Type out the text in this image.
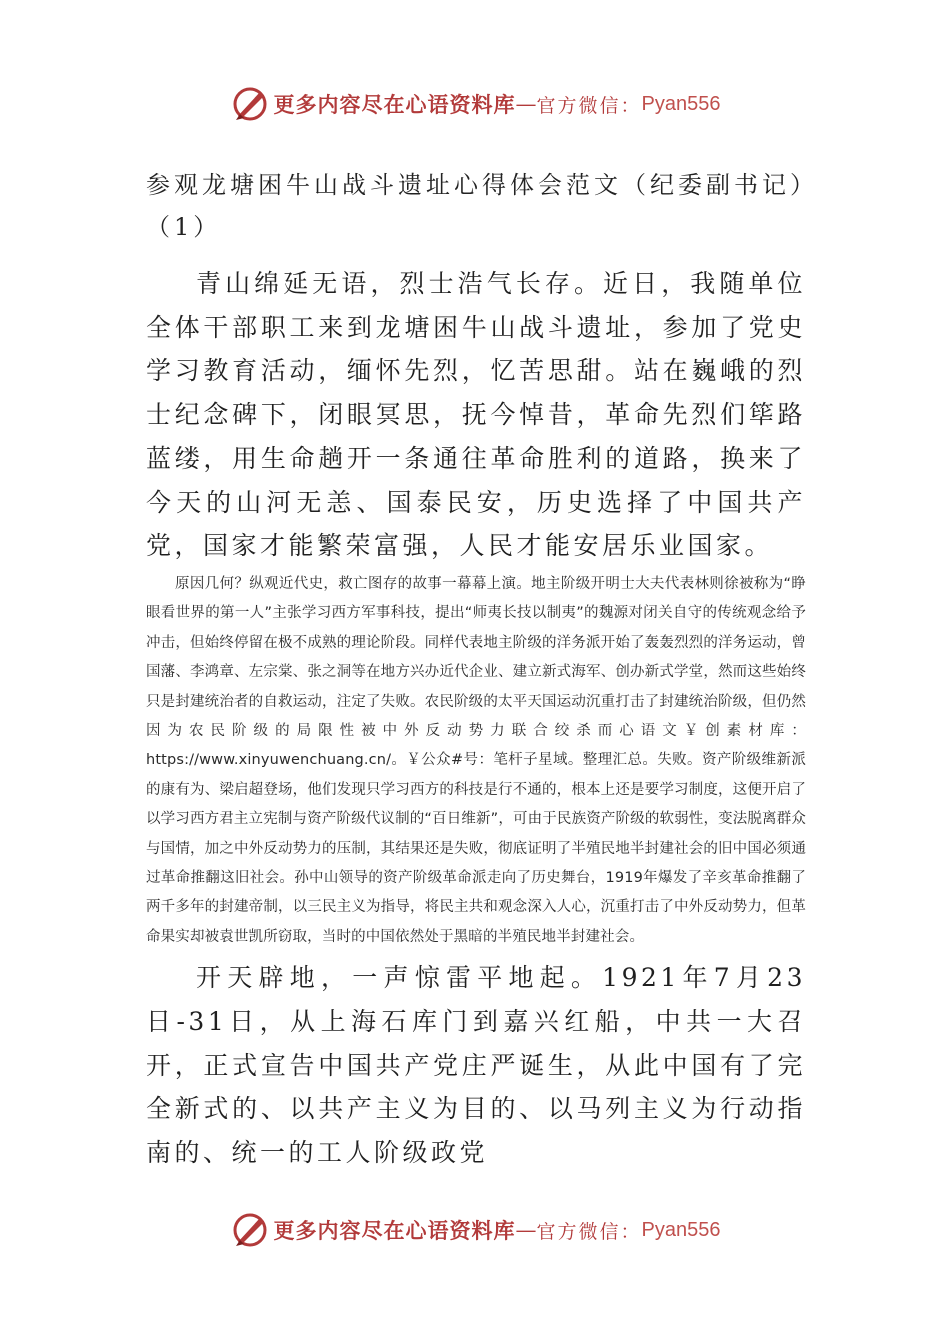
更多内容尽在心语资料库 — 官方微信： Pyan556
参观龙塘困牛山战斗遗址心得体会范文（纪委副书记）（1）

青山绵延无语，烈士浩气长存。近日，我随单位全体干部职工来到龙塘困牛山战斗遗址，参加了党史学习教育活动，缅怀先烈，忆苦思甜。站在巍峨的烈士纪念碑下，闭眼冥思，抚今悼昔，革命先烈们筚路蓝缕，用生命趟开一条通往革命胜利的道路，换来了今天的山河无恙、国泰民安，历史选择了中国共产党，国家才能繁荣富强，人民才能安居乐业国家。

原因几何？纵观近代史，救亡图存的故事一幕幕上演。地主阶级开明士大夫代表林则徐被称为“睁眼看世界的第一人”主张学习西方军事科技，提出“师夷长技以制夷”的魏源对闭关自守的传统观念给予冲击，但始终停留在极不成熟的理论阶段。同样代表地主阶级的洋务派开始了轰轰烈烈的洋务运动，曾国藩、李鸿章、左宗棠、张之洞等在地方兴办近代企业、建立新式海军、创办新式学堂，然而这些始终只是封建统治者的自救运动，注定了失败。农民阶级的太平天国运动沉重打击了封建统治阶级，但仍然因为农民阶级的局限性被中外反动势力联合绞杀而心语文￥创素材库：https://www.xinyuwenchuang.cn/。￥公众#号：笔杆子星域。整理汇总。失败。资产阶级维新派的康有为、梁启超登场，他们发现只学习西方的科技是行不通的，根本上还是要学习制度，这便开启了以学习西方君主立宪制与资产阶级代议制的“百日维新”，可由于民族资产阶级的软弱性，变法脱离群众与国情，加之中外反动势力的压制，其结果还是失败，彻底证明了半殖民地半封建社会的旧中国必须通过革命推翻这旧社会。孙中山领导的资产阶级革命派走向了历史舞台，1919年爆发了辛亥革命推翻了两千多年的封建帝制，以三民主义为指导，将民主共和观念深入人心，沉重打击了中外反动势力，但革命果实却被袁世凯所窃取，当时的中国依然处于黑暗的半殖民地半封建社会。

开天辟地，一声惊雷平地起。1921年7月23日-31日，从上海石库门到嘉兴红船，中共一大召开，正式宣告中国共产党庄严诞生，从此中国有了完全新式的、以共产主义为目的、以马列主义为行动指南的、统一的工人阶级政党

更多内容尽在心语资料库 — 官方微信： Pyan556
